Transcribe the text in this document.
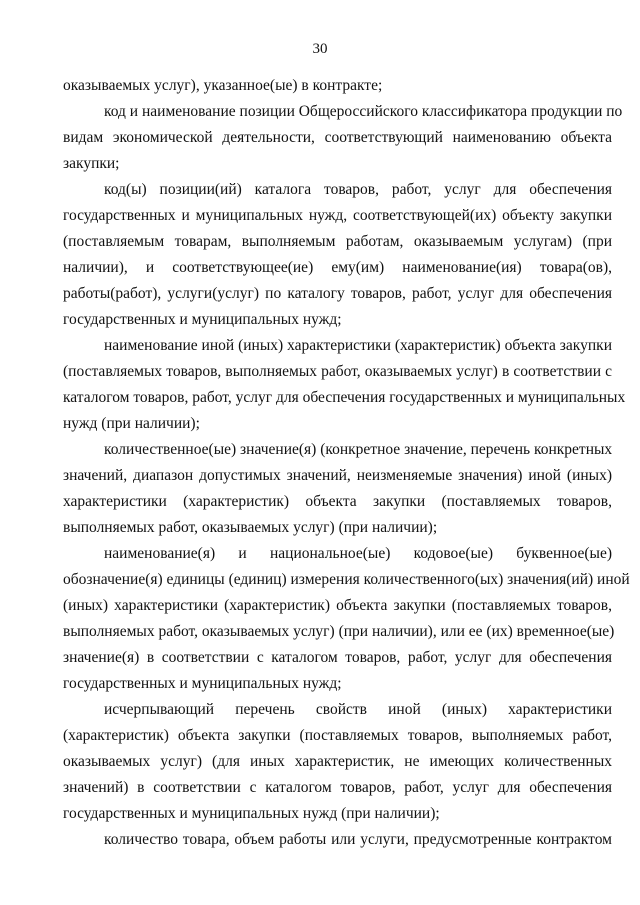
30
оказываемых услуг), указанное(ые) в контракте;
код и наименование позиции Общероссийского классификатора продукции по
видам экономической деятельности, соответствующий наименованию объекта
закупки;
код(ы) позиции(ий) каталога товаров, работ, услуг для обеспечения
государственных и муниципальных нужд, соответствующей(их) объекту закупки
(поставляемым товарам, выполняемым работам, оказываемым услугам) (при
наличии), и соответствующее(ие) ему(им) наименование(ия) товара(ов),
работы(работ), услуги(услуг) по каталогу товаров, работ, услуг для обеспечения
государственных и муниципальных нужд;
наименование иной (иных) характеристики (характеристик) объекта закупки
(поставляемых товаров, выполняемых работ, оказываемых услуг) в соответствии с
каталогом товаров, работ, услуг для обеспечения государственных и муниципальных
нужд (при наличии);
количественное(ые) значение(я) (конкретное значение, перечень конкретных
значений, диапазон допустимых значений, неизменяемые значения) иной (иных)
характеристики (характеристик) объекта закупки (поставляемых товаров,
выполняемых работ, оказываемых услуг) (при наличии);
наименование(я) и национальное(ые) кодовое(ые) буквенное(ые)
обозначение(я) единицы (единиц) измерения количественного(ых) значения(ий) иной
(иных) характеристики (характеристик) объекта закупки (поставляемых товаров,
выполняемых работ, оказываемых услуг) (при наличии), или ее (их) временное(ые)
значение(я) в соответствии с каталогом товаров, работ, услуг для обеспечения
государственных и муниципальных нужд;
исчерпывающий перечень свойств иной (иных) характеристики
(характеристик) объекта закупки (поставляемых товаров, выполняемых работ,
оказываемых услуг) (для иных характеристик, не имеющих количественных
значений) в соответствии с каталогом товаров, работ, услуг для обеспечения
государственных и муниципальных нужд (при наличии);
количество товара, объем работы или услуги, предусмотренные контрактом
